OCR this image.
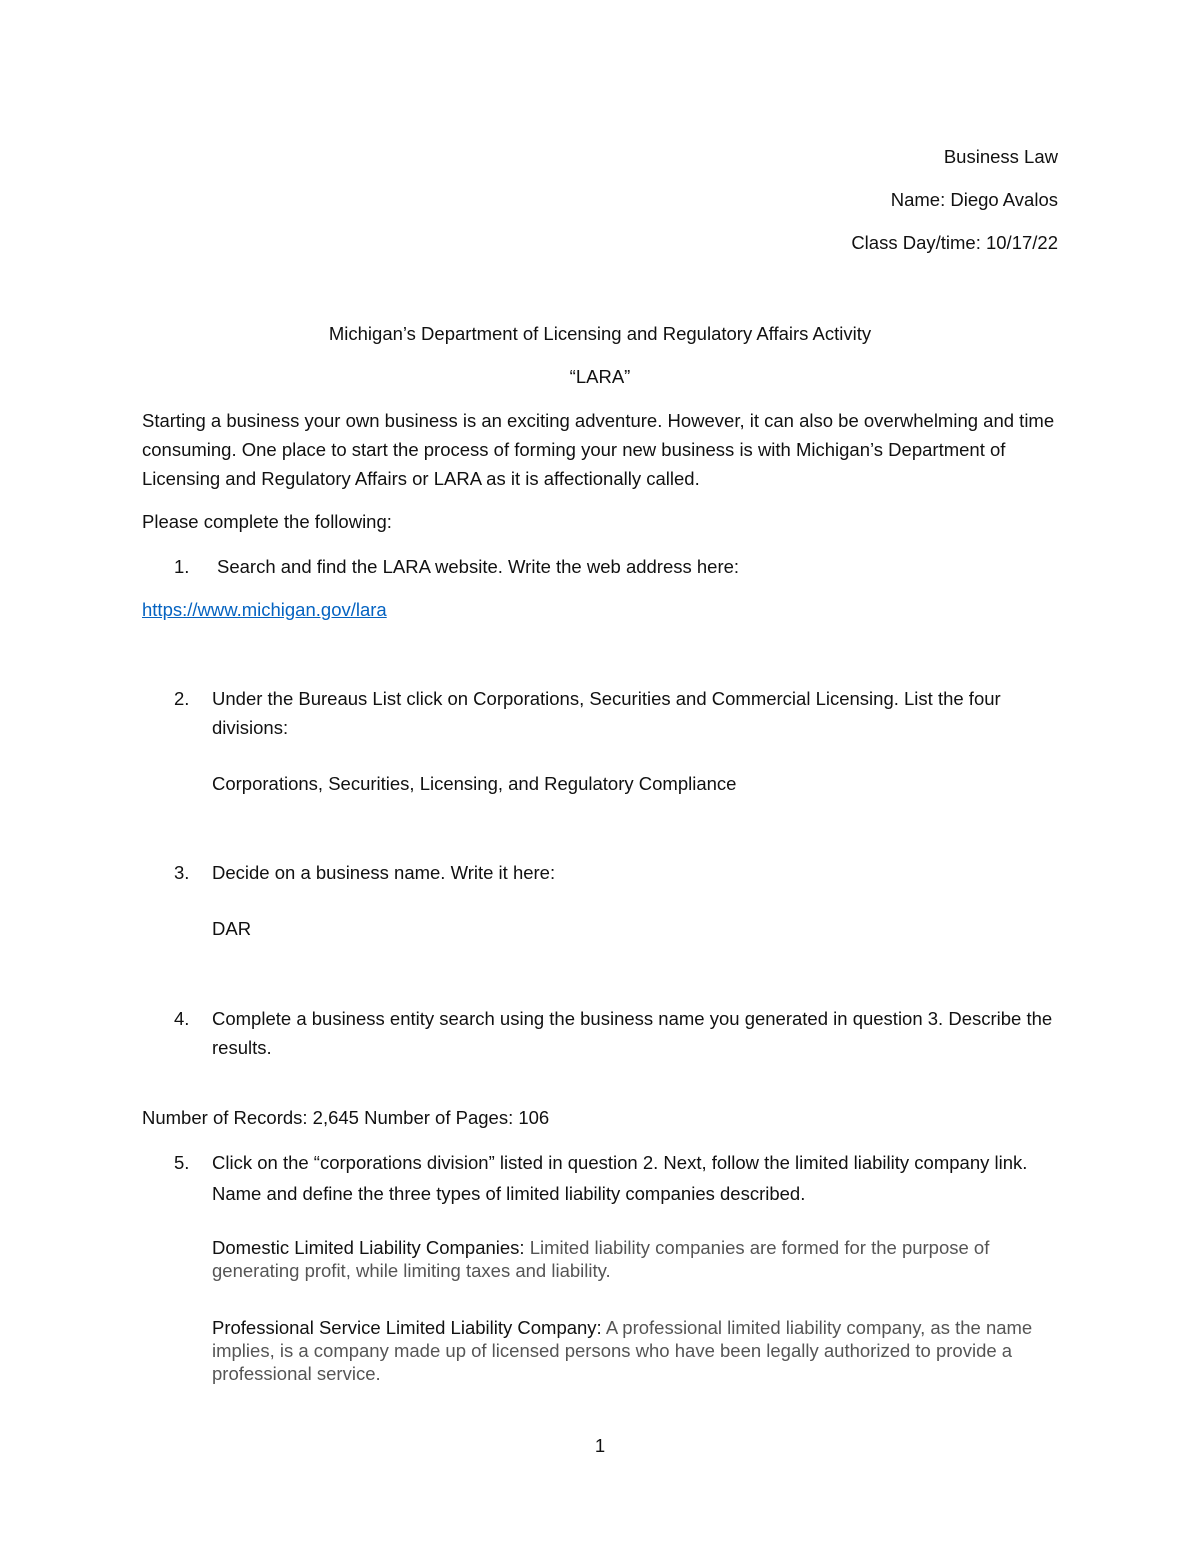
Business Law
Name: Diego Avalos
Class Day/time: 10/17/22
Michigan’s Department of Licensing and Regulatory Affairs Activity
“LARA”
Starting a business your own business is an exciting adventure. However, it can also be overwhelming and time consuming. One place to start the process of forming your new business is with Michigan’s Department of Licensing and Regulatory Affairs or LARA as it is affectionally called.
Please complete the following:
1.	Search and find the LARA website. Write the web address here:
https://www.michigan.gov/lara
2.	Under the Bureaus List click on Corporations, Securities and Commercial Licensing. List the four divisions:
Corporations, Securities, Licensing, and Regulatory Compliance
3.	Decide on a business name. Write it here:
DAR
4.	Complete a business entity search using the business name you generated in question 3. Describe the results.
Number of Records: 2,645 Number of Pages: 106
5.	Click on the “corporations division” listed in question 2. Next, follow the limited liability company link. Name and define the three types of limited liability companies described.
Domestic Limited Liability Companies: Limited liability companies are formed for the purpose of generating profit, while limiting taxes and liability.
Professional Service Limited Liability Company: A professional limited liability company, as the name implies, is a company made up of licensed persons who have been legally authorized to provide a professional service.
1
